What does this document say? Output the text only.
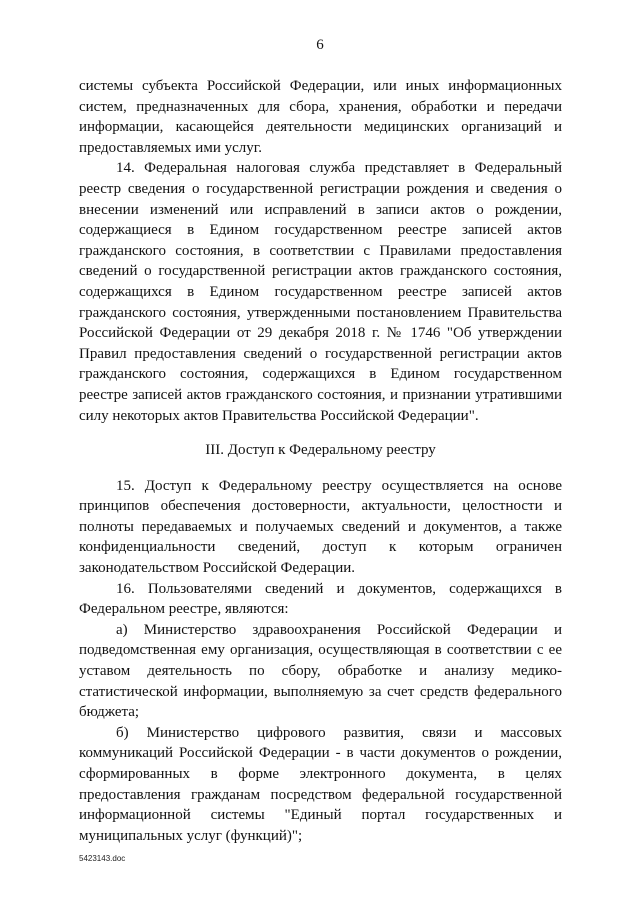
6

системы субъекта Российской Федерации, или иных информационных систем, предназначенных для сбора, хранения, обработки и передачи информации, касающейся деятельности медицинских организаций и предоставляемых ими услуг.

14. Федеральная налоговая служба представляет в Федеральный реестр сведения о государственной регистрации рождения и сведения о внесении изменений или исправлений в записи актов о рождении, содержащиеся в Едином государственном реестре записей актов гражданского состояния, в соответствии с Правилами предоставления сведений о государственной регистрации актов гражданского состояния, содержащихся в Едином государственном реестре записей актов гражданского состояния, утвержденными постановлением Правительства Российской Федерации от 29 декабря 2018 г. № 1746 "Об утверждении Правил предоставления сведений о государственной регистрации актов гражданского состояния, содержащихся в Едином государственном реестре записей актов гражданского состояния, и признании утратившими силу некоторых актов Правительства Российской Федерации".

III. Доступ к Федеральному реестру

15. Доступ к Федеральному реестру осуществляется на основе принципов обеспечения достоверности, актуальности, целостности и полноты передаваемых и получаемых сведений и документов, а также конфиденциальности сведений, доступ к которым ограничен законодательством Российской Федерации.

16. Пользователями сведений и документов, содержащихся в Федеральном реестре, являются:

а) Министерство здравоохранения Российской Федерации и подведомственная ему организация, осуществляющая в соответствии с ее уставом деятельность по сбору, обработке и анализу медико-статистической информации, выполняемую за счет средств федерального бюджета;

б) Министерство цифрового развития, связи и массовых коммуникаций Российской Федерации - в части документов о рождении, сформированных в форме электронного документа, в целях предоставления гражданам посредством федеральной государственной информационной системы "Единый портал государственных и муниципальных услуг (функций)";

5423143.doc
